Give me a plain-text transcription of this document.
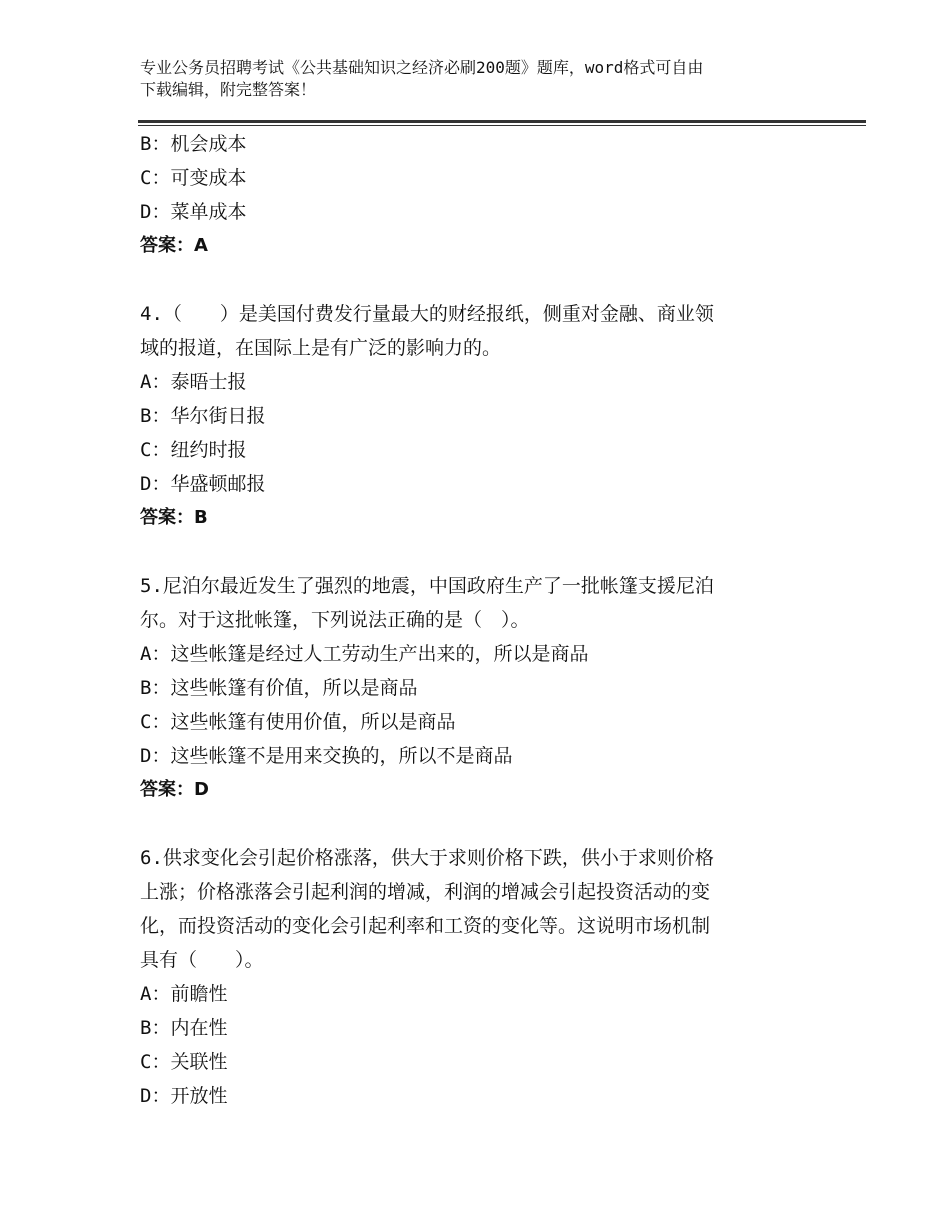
专业公务员招聘考试《公共基础知识之经济必刷200题》题库，word格式可自由
下载编辑，附完整答案！
B：机会成本
C：可变成本
D：菜单成本
答案：A
4.（　　）是美国付费发行量最大的财经报纸，侧重对金融、商业领
域的报道，在国际上是有广泛的影响力的。
A：泰晤士报
B：华尔街日报
C：纽约时报
D：华盛顿邮报
答案：B
5.尼泊尔最近发生了强烈的地震，中国政府生产了一批帐篷支援尼泊
尔。对于这批帐篷，下列说法正确的是（　）。
A：这些帐篷是经过人工劳动生产出来的，所以是商品
B：这些帐篷有价值，所以是商品
C：这些帐篷有使用价值，所以是商品
D：这些帐篷不是用来交换的，所以不是商品
答案：D
6.供求变化会引起价格涨落，供大于求则价格下跌，供小于求则价格
上涨；价格涨落会引起利润的增减，利润的增减会引起投资活动的变
化，而投资活动的变化会引起利率和工资的变化等。这说明市场机制
具有（　　）。
A：前瞻性
B：内在性
C：关联性
D：开放性
